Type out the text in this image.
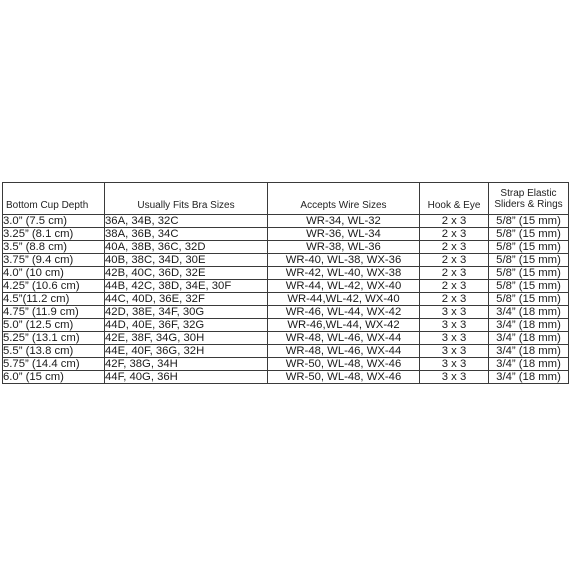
Bottom Cup Depth	Usually Fits Bra Sizes	Accepts Wire Sizes	Hook & Eye	Strap Elastic Sliders & Rings
3.0” (7.5 cm)	36A, 34B, 32C	WR-34, WL-32	2 x 3	5/8” (15 mm)
3.25” (8.1 cm)	38A, 36B, 34C	WR-36, WL-34	2 x 3	5/8” (15 mm)
3.5” (8.8 cm)	40A, 38B, 36C, 32D	WR-38, WL-36	2 x 3	5/8” (15 mm)
3.75” (9.4 cm)	40B, 38C, 34D, 30E	WR-40, WL-38, WX-36	2 x 3	5/8” (15 mm)
4.0” (10 cm)	42B, 40C, 36D, 32E	WR-42, WL-40, WX-38	2 x 3	5/8” (15 mm)
4.25” (10.6 cm)	44B, 42C, 38D, 34E, 30F	WR-44, WL-42, WX-40	2 x 3	5/8” (15 mm)
4.5”(11.2 cm)	44C, 40D, 36E, 32F	WR-44,WL-42, WX-40	2 x 3	5/8” (15 mm)
4.75” (11.9 cm)	42D, 38E, 34F, 30G	WR-46, WL-44, WX-42	3 x 3	3/4” (18 mm)
5.0” (12.5 cm)	44D, 40E, 36F, 32G	WR-46,WL-44, WX-42	3 x 3	3/4” (18 mm)
5.25” (13.1 cm)	42E, 38F, 34G, 30H	WR-48, WL-46, WX-44	3 x 3	3/4” (18 mm)
5.5” (13.8 cm)	44E, 40F, 36G, 32H	WR-48, WL-46, WX-44	3 x 3	3/4” (18 mm)
5.75” (14.4 cm)	42F, 38G, 34H	WR-50, WL-48, WX-46	3 x 3	3/4” (18 mm)
6.0” (15 cm)	44F, 40G, 36H	WR-50, WL-48, WX-46	3 x 3	3/4” (18 mm)
